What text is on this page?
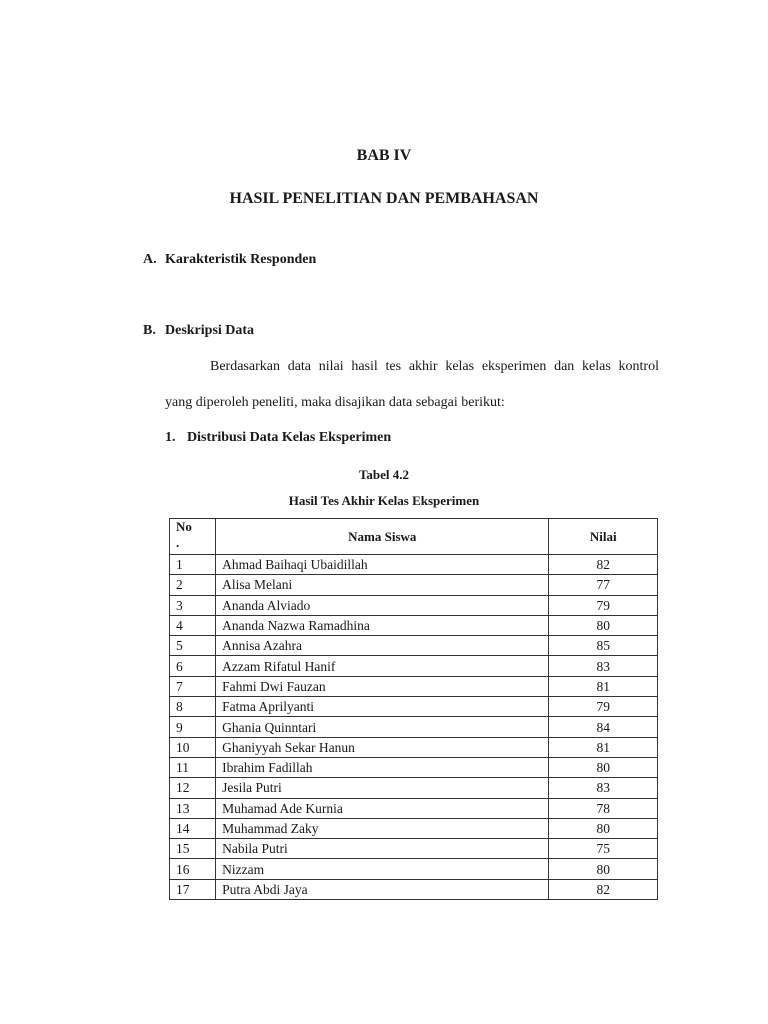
BAB IV
HASIL PENELITIAN DAN PEMBAHASAN
A. Karakteristik Responden
B. Deskripsi Data
Berdasarkan data nilai hasil tes akhir kelas eksperimen dan kelas kontrol
yang diperoleh peneliti, maka disajikan data sebagai berikut:
1. Distribusi Data Kelas Eksperimen
Tabel 4.2
Hasil Tes Akhir Kelas Eksperimen
No
.	Nama Siswa	Nilai
1	Ahmad Baihaqi Ubaidillah	82
2	Alisa Melani	77
3	Ananda Alviado	79
4	Ananda Nazwa Ramadhina	80
5	Annisa Azahra	85
6	Azzam Rifatul Hanif	83
7	Fahmi Dwi Fauzan	81
8	Fatma Aprilyanti	79
9	Ghania Quinntari	84
10	Ghaniyyah Sekar Hanun	81
11	Ibrahim Fadillah	80
12	Jesila Putri	83
13	Muhamad Ade Kurnia	78
14	Muhammad Zaky	80
15	Nabila Putri	75
16	Nizzam	80
17	Putra Abdi Jaya	82
